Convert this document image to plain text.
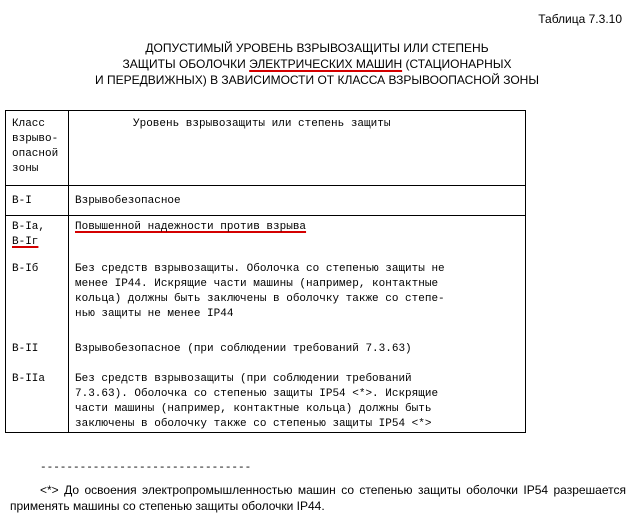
Таблица 7.3.10
ДОПУСТИМЫЙ УРОВЕНЬ ВЗРЫВОЗАЩИТЫ ИЛИ СТЕПЕНЬ
ЗАЩИТЫ ОБОЛОЧКИ ЭЛЕКТРИЧЕСКИХ МАШИН (СТАЦИОНАРНЫХ
И ПЕРЕДВИЖНЫХ) В ЗАВИСИМОСТИ ОТ КЛАССА ВЗРЫВООПАСНОЙ ЗОНЫ
Класс
взрыво-
опасной
зоны	Уровень взрывозащиты или степень защиты

В-I	Взрывобезопасное

В-Iа,
В-Iг	Повышенной надежности против взрыва

В-Iб	Без средств взрывозащиты. Оболочка со степенью защиты не
менее IP44. Искрящие части машины (например, контактные
кольца) должны быть заключены в оболочку также со степе-
нью защиты не менее IP44

В-II	Взрывобезопасное (при соблюдении требований 7.3.63)

В-IIа	Без средств взрывозащиты (при соблюдении требований
7.3.63). Оболочка со степенью защиты IP54 <*>. Искрящие
части машины (например, контактные кольца) должны быть
заключены в оболочку также со степенью защиты IP54 <*>
--------------------------------
<*> До освоения электропромышленностью машин со степенью защиты оболочки IP54 разрешается применять машины со степенью защиты оболочки IP44.
